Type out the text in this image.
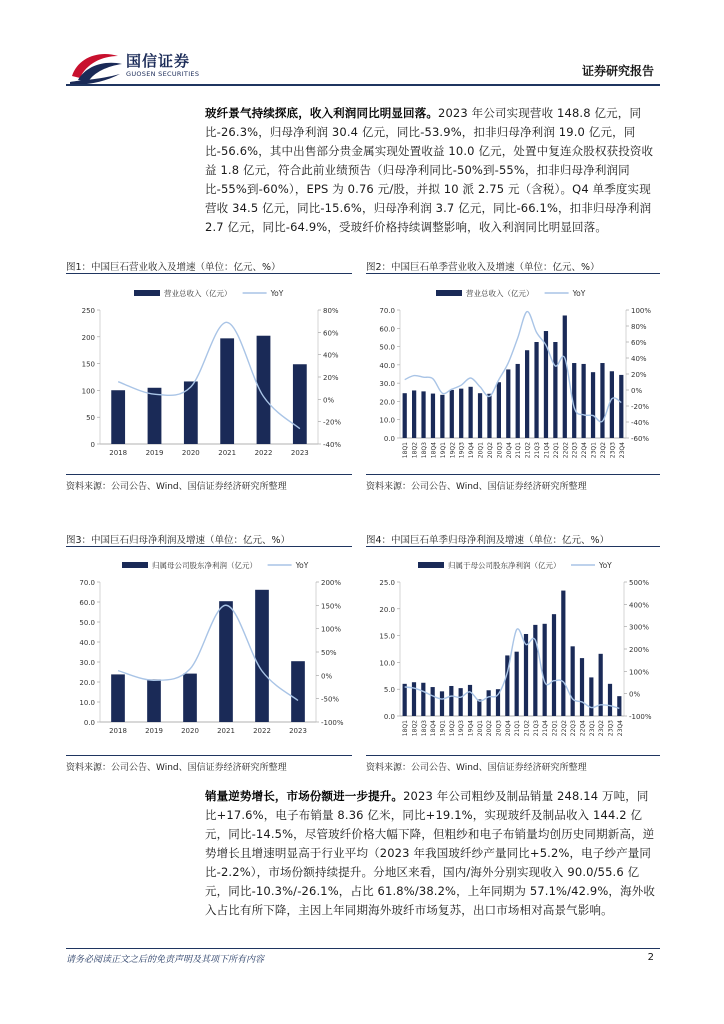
国信证券
GUOSEN SECURITIES	证券研究报告
玻纤景气持续探底，收入利润同比明显回落。2023 年公司实现营收 148.8 亿元，同比-26.3%，归母净利润 30.4 亿元，同比-53.9%，扣非归母净利润 19.0 亿元，同比-56.6%，其中出售部分贵金属实现处置收益 10.0 亿元，处置中复连众股权获投资收益 1.8 亿元，符合此前业绩预告（归母净利同比-50%到-55%，扣非归母净利润同比-55%到-60%），EPS 为 0.76 元/股，并拟 10 派 2.75 元（含税）。Q4 单季度实现营收 34.5 亿元，同比-15.6%，归母净利润 3.7 亿元，同比-66.1%，扣非归母净利润 2.7 亿元，同比-64.9%，受玻纤价格持续调整影响，收入利润同比明显回落。
图1：中国巨石营业收入及增速（单位：亿元、%）	图2：中国巨石单季营业收入及增速（单位：亿元、%）
营业总收入（亿元）	YoY
0
50
100
150
200
250
-40%
-20%
0%
20%
40%
60%
80%
2018	2019	2020	2021	2022	2023
营业总收入（亿元）	YoY
0.0
10.0
20.0
30.0
40.0
50.0
60.0
70.0
-60%
-40%
-20%
0%
20%
40%
60%
80%
100%
18Q1 18Q2 18Q3 18Q4 19Q1 19Q2 19Q3 19Q4 20Q1 20Q2 20Q3 20Q4 21Q1 21Q2 21Q3 21Q4 22Q1 22Q2 22Q3 22Q4 23Q1 23Q2 23Q3 23Q4
资料来源：公司公告、Wind、国信证券经济研究所整理	资料来源：公司公告、Wind、国信证券经济研究所整理
图3：中国巨石归母净利润及增速（单位：亿元、%）	图4：中国巨石单季归母净利润及增速（单位：亿元、%）
归属母公司股东净利润（亿元）	YoY
0.0
10.0
20.0
30.0
40.0
50.0
60.0
70.0
-100%
-50%
0%
50%
100%
150%
200%
2018	2019	2020	2021	2022	2023
归属于母公司股东净利润（亿元）	YoY
0.0
5.0
10.0
15.0
20.0
25.0
-100%
0%
100%
200%
300%
400%
500%
18Q1 18Q2 18Q3 18Q4 19Q1 19Q2 19Q3 19Q4 20Q1 20Q2 20Q3 20Q4 21Q1 21Q2 21Q3 21Q4 22Q1 22Q2 22Q3 22Q4 23Q1 23Q2 23Q3 23Q4
资料来源：公司公告、Wind、国信证券经济研究所整理	资料来源：公司公告、Wind、国信证券经济研究所整理
销量逆势增长，市场份额进一步提升。2023 年公司粗纱及制品销量 248.14 万吨，同比+17.6%，电子布销量 8.36 亿米，同比+19.1%，实现玻纤及制品收入 144.2 亿元，同比-14.5%，尽管玻纤价格大幅下降，但粗纱和电子布销量均创历史同期新高，逆势增长且增速明显高于行业平均（2023 年我国玻纤纱产量同比+5.2%，电子纱产量同比-2.2%），市场份额持续提升。分地区来看，国内/海外分别实现收入 90.0/55.6 亿元，同比-10.3%/-26.1%，占比 61.8%/38.2%，上年同期为 57.1%/42.9%，海外收入占比有所下降，主因上年同期海外玻纤市场复苏，出口市场相对高景气影响。
请务必阅读正文之后的免责声明及其项下所有内容	2
